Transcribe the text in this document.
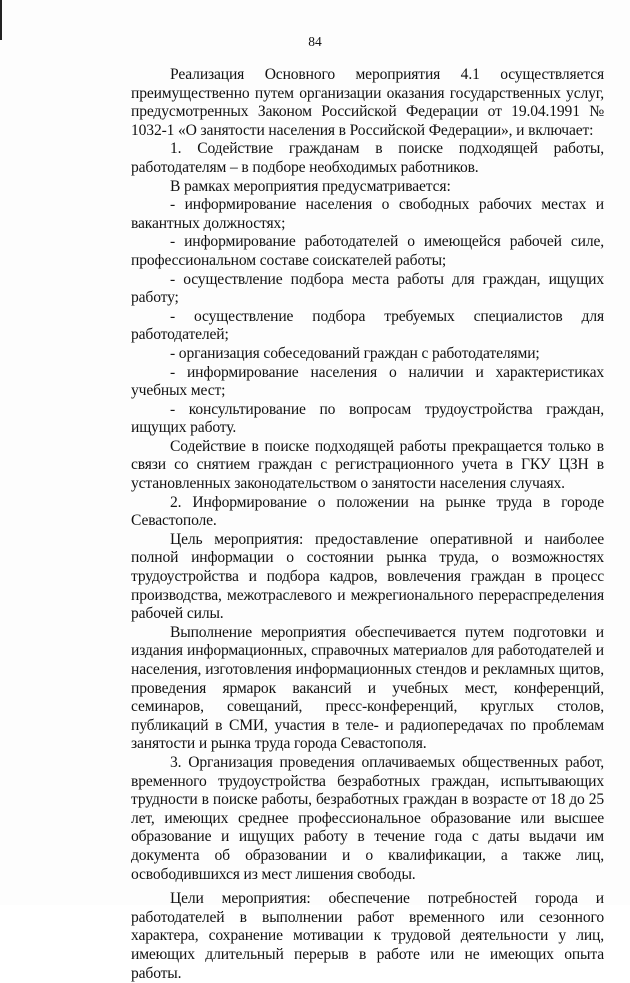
84

Реализация Основного мероприятия 4.1 осуществляется преимущественно путем организации оказания государственных услуг, предусмотренных Законом Российской Федерации от 19.04.1991 № 1032-1 «О занятости населения в Российской Федерации», и включает:

1. Содействие гражданам в поиске подходящей работы, работодателям – в подборе необходимых работников.

В рамках мероприятия предусматривается:

- информирование населения о свободных рабочих местах и вакантных должностях;

- информирование работодателей о имеющейся рабочей силе, профессиональном составе соискателей работы;

- осуществление подбора места работы для граждан, ищущих работу;

- осуществление подбора требуемых специалистов для работодателей;

- организация собеседований граждан с работодателями;

- информирование населения о наличии и характеристиках учебных мест;

- консультирование по вопросам трудоустройства граждан, ищущих работу.

Содействие в поиске подходящей работы прекращается только в связи со снятием граждан с регистрационного учета в ГКУ ЦЗН в установленных законодательством о занятости населения случаях.

2. Информирование о положении на рынке труда в городе Севастополе.

Цель мероприятия: предоставление оперативной и наиболее полной информации о состоянии рынка труда, о возможностях трудоустройства и подбора кадров, вовлечения граждан в процесс производства, межотраслевого и межрегионального перераспределения рабочей силы.

Выполнение мероприятия обеспечивается путем подготовки и издания информационных, справочных материалов для работодателей и населения, изготовления информационных стендов и рекламных щитов, проведения ярмарок вакансий и учебных мест, конференций, семинаров, совещаний, пресс-конференций, круглых столов, публикаций в СМИ, участия в теле- и радиопередачах по проблемам занятости и рынка труда города Севастополя.

3. Организация проведения оплачиваемых общественных работ, временного трудоустройства безработных граждан, испытывающих трудности в поиске работы, безработных граждан в возрасте от 18 до 25 лет, имеющих среднее профессиональное образование или высшее образование и ищущих работу в течение года с даты выдачи им документа об образовании и о квалификации, а также лиц, освободившихся из мест лишения свободы.

Цели мероприятия: обеспечение потребностей города и работодателей в выполнении работ временного или сезонного характера, сохранение мотивации к трудовой деятельности у лиц, имеющих длительный перерыв в работе или не имеющих опыта работы.
